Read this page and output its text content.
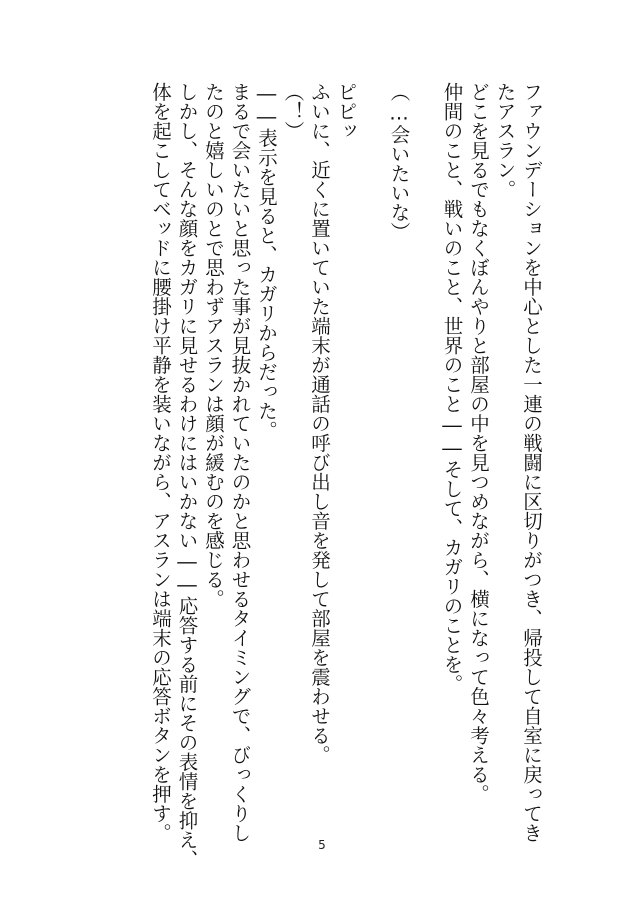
ファウンデーションを中心とした一連の戦闘に区切りがつき、帰投して自室に戻ってき
たアスラン。
どこを見るでもなくぼんやりと部屋の中を見つめながら、横になって色々考える。
仲間のこと、戦いのこと、世界のこと――そして、カガリのことを。
（…会いたいな）
ピピッ
ふいに、近くに置いていた端末が通話の呼び出し音を発して部屋を震わせる。
（！）
――表示を見ると、カガリからだった。
まるで会いたいと思った事が見抜かれていたのかと思わせるタイミングで、びっくりし
たのと嬉しいのとで思わずアスランは顔が緩むのを感じる。
しかし、そんな顔をカガリに見せるわけにはいかない――応答する前にその表情を抑え、
体を起こしてベッドに腰掛け平静を装いながら、アスランは端末の応答ボタンを押す。
5
